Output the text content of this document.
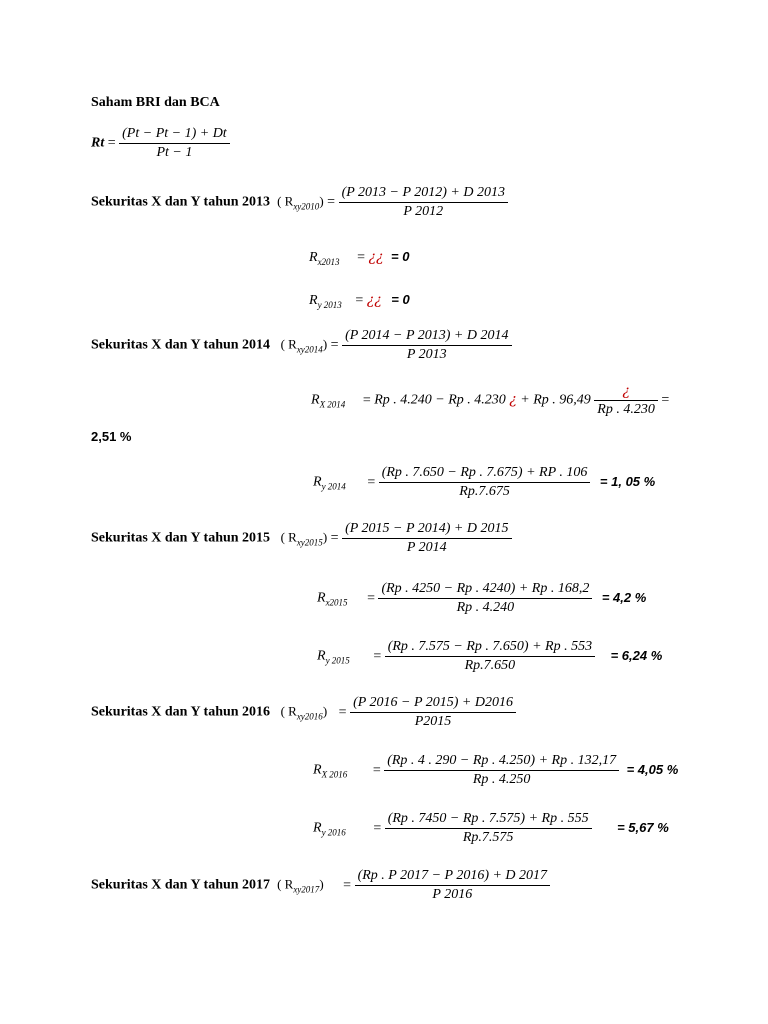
Saham BRI dan BCA
$Rt = \frac{(Pt - Pt - 1) + Dt}{Pt - 1}$
Sekuritas X dan Y tahun 2013 ( $R_{xy2010}) = \frac{(P 2013 - P 2012) + D 2013}{P 2012}$
$R_{x2013}$ = ¿¿ = 0
$R_{y 2013}$ = ¿¿ = 0
Sekuritas X dan Y tahun 2014 ( $R_{xy2014}) = \frac{(P 2014 - P 2013) + D 2014}{P 2013}$
$R_{X 2014} = Rp$ . 4.240 − Rp . 4.230 ¿ + Rp . $96,49 \frac{¿}{Rp . 4.230}$ =
2,51 %
$R_{y 2014} = \frac{(Rp . 7.650 - Rp . 7.675) + RP . 106}{Rp.7.675} = 1$, 05 %
Sekuritas X dan Y tahun 2015 ( $R_{xy2015}) = \frac{(P 2015 - P 2014) + D 2015}{P 2014}$
$R_{x2015} = \frac{(Rp . 4250 - Rp . 4240) + Rp . 168,2}{Rp . 4.240} = 4,2$ %
$R_{y 2015} = \frac{(Rp . 7.575 - Rp . 7.650) + Rp . 553}{Rp.7.650} = 6,24$ %
Sekuritas X dan Y tahun 2016 ( $R_{xy2016}) = \frac{(P 2016 - P 2015) + D2016}{P2015}$
$R_{X 2016} = \frac{(Rp . 4 . 290 - Rp . 4.250) + Rp . 132,17}{Rp . 4.250} = 4,05$ %
$R_{y 2016} = \frac{(Rp . 7450 - Rp . 7.575) + Rp . 555}{Rp.7.575} = 5,67$ %
Sekuritas X dan Y tahun 2017 ( $R_{xy2017}) = \frac{(Rp . P 2017 - P 2016) + D 2017}{P 2016}$
